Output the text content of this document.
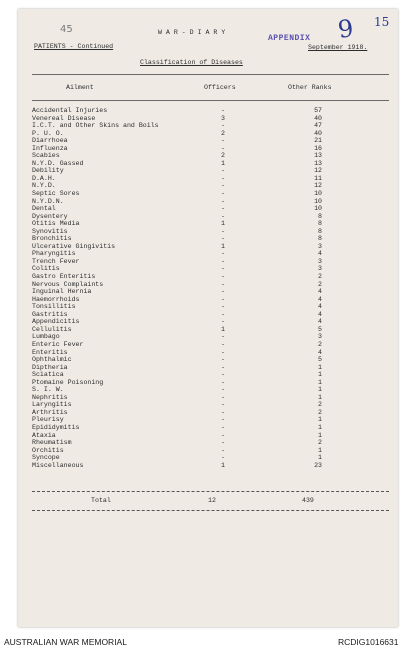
45	W A R - D I A R Y
APPENDIX 9 15
PATIENTS - Continued	September 1918.
Classification of Diseases
Ailment	Officers	Other Ranks
Accidental Injuries	-	57
Venereal Disease	3	40
I.C.T. and Other Skins and Boils	-	47
P. U. O.	2	40
Diarrhoea	-	21
Influenza	-	16
Scabies	2	13
N.Y.D. Gassed	1	13
Debility	-	12
D.A.H.	-	11
N.Y.D.	-	12
Septic Sores	-	10
N.Y.D.N.	-	10
Dental	-	10
Dysentery	-	8
Otitis Media	1	8
Synovitis	-	8
Bronchitis	-	8
Ulcerative Gingivitis	1	3
Pharyngitis	-	4
Trench Fever	-	3
Colitis	-	3
Gastro Enteritis	-	2
Nervous Complaints	-	2
Inguinal Hernia	-	4
Haemorrhoids	-	4
Tonsillitis	-	4
Gastritis	-	4
Appendicitis	-	4
Cellulitis	1	5
Lumbago	-	3
Enteric Fever	-	2
Enteritis	-	4
Ophthalmic	-	5
Diptheria	-	1
Sciatica	-	1
Ptomaine Poisoning	-	1
S. I. W.	-	1
Nephritis	-	1
Laryngitis	-	2
Arthritis	-	2
Pleurisy	-	1
Epididymitis	-	1
Ataxia	-	1
Rheumatism	-	2
Orchitis	-	1
Syncope	-	1
Miscellaneous	1	23
Total	12	439
AUSTRALIAN WAR MEMORIAL	RCDIG1016631
